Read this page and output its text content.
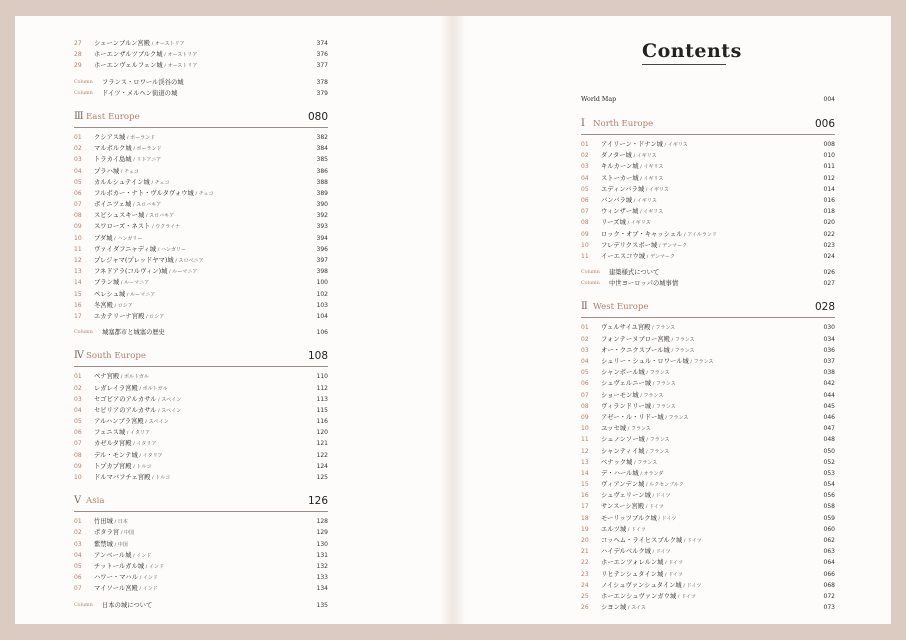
Contents
27 シェーンブルン宮殿 / オーストリア	374
28 ホーエンザルツブルク城 / オーストリア	376
29 ホーエンヴェルフェン城 / オーストリア	377
Column フランス・ロワール渓谷の城	378
Column ドイツ・メルヘン街道の城	379
Ⅲ East Europe	080
01 クシアス城 / ポーランド	382
02 マルボルク城 / ポーランド	384
03 トラカイ島城 / リトアニア	385
04 プラハ城 / チェコ	386
05 カルルシュテイン城 / チェコ	388
06 フルボカー・ナト・ヴルタヴォウ城 / チェコ	389
07 ボイニツェ城 / スロバキア	390
08 スピシュスキー城 / スロバキア	392
09 スワローズ・ネスト / ウクライナ	393
10 ブダ城 / ハンガリー	394
11 ヴァイダフニャディ城 / ハンガリー	396
12 プレジャマ(プレッドヤマ)城 / スロベニア	397
13 フネドアラ(コルヴィン)城 / ルーマニア	398
14 ブラン城 / ルーマニア	100
15 ペレシュ城 / ルーマニア	102
16 冬宮殿 / ロシア	103
17 エカテリーナ宮殿 / ロシア	104
Column 城塞都市と城塞の歴史	106
Ⅳ South Europe	108
01 ペナ宮殿 / ポルトガル	110
02 レガレイラ宮殿 / ポルトガル	112
03 セゴビアのアルカサル / スペイン	113
04 セビリアのアルカサル / スペイン	115
05 アルハンブラ宮殿 / スペイン	116
06 フェニス城 / イタリア	120
07 カゼルタ宮殿 / イタリア	121
08 デル・モンテ城 / イタリア	122
09 トプカプ宮殿 / トルコ	124
10 ドルマバフチェ宮殿 / トルコ	125
Ⅴ Asia	126
01 竹田城 / 日本	128
02 ポタラ宮 / 中国	129
03 紫禁城 / 中国	130
04 アンベール城 / インド	131
05 チットールガル城 / インド	132
06 ハワー・マハル / インド	133
07 マイソール宮殿 / インド	134
Column 日本の城について	135
World Map	004
Ⅰ North Europe	006
01 アイリーン・ドナン城 / イギリス	008
02 ダノター城 / イギリス	010
03 キルカーン城 / イギリス	011
04 ストーカー城 / イギリス	012
05 エディンバラ城 / イギリス	014
06 バンバラ城 / イギリス	016
07 ウィンザー城 / イギリス	018
08 リーズ城 / イギリス	020
09 ロック・オブ・キャッシェル / アイルランド	022
10 フレデリクスボー城 / デンマーク	023
11 イーエスコウ城 / デンマーク	024
Column 建築様式について	026
Column 中世ヨーロッパの城事情	027
Ⅱ West Europe	028
01 ヴェルサイユ宮殿 / フランス	030
02 フォンテーヌブロー宮殿 / フランス	034
03 オー・クニクスブール城 / フランス	036
04 シュリー・シュル・ロワール城 / フランス	037
05 シャンボール城 / フランス	038
06 シュヴェルニー城 / フランス	042
07 ショーモン城 / フランス	044
08 ヴィランドリー城 / フランス	045
09 アゼー・ル・リドー城 / フランス	046
10 ユッセ城 / フランス	047
11 シュノンソー城 / フランス	048
12 シャンティイ城 / フランス	050
13 ベナック城 / フランス	052
14 デ・ハール城 / オランダ	053
15 ヴィアンデン城 / ルクセンブルク	054
16 シュヴェリーン城 / ドイツ	056
17 サンスーシ宮殿 / ドイツ	058
18 モーリッツブルク城 / ドイツ	059
19 エルツ城 / ドイツ	060
20 コッヘム・ライヒスブルク城 / ドイツ	062
21 ハイデルベルク城 / ドイツ	063
22 ホーエンツォレルン城 / ドイツ	064
23 リヒテンシュタイン城 / ドイツ	066
24 ノイシュヴァンシュタイン城 / ドイツ	068
25 ホーエンシュヴァンガウ城 / ドイツ	072
26 シヨン城 / スイス	073
